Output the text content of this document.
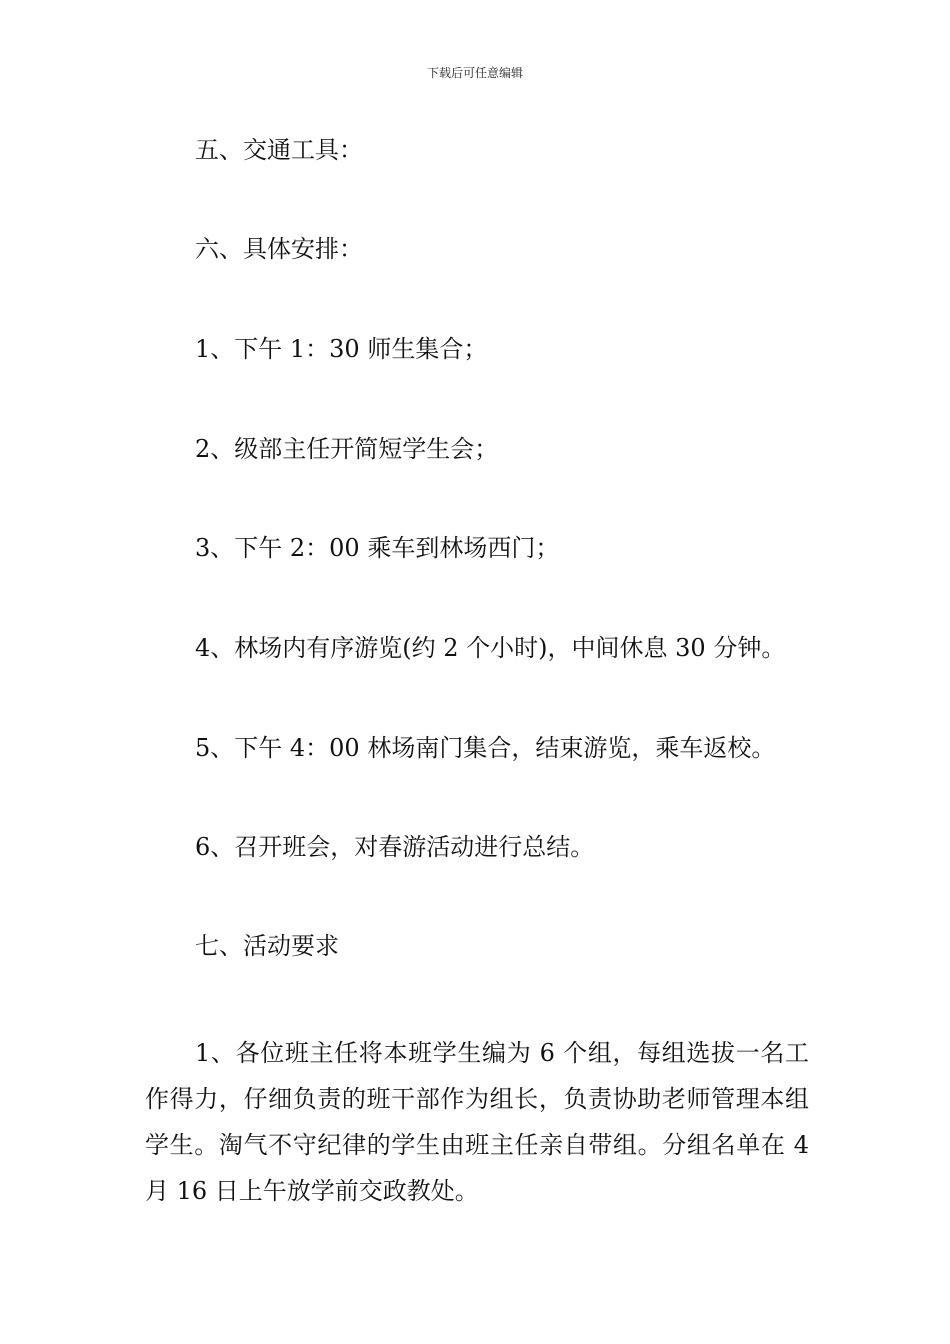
下载后可任意编辑
五、交通工具：
六、具体安排：
1、下午 1：30 师生集合；
2、级部主任开简短学生会；
3、下午 2：00 乘车到林场西门；
4、林场内有序游览(约 2 个小时)，中间休息 30 分钟。
5、下午 4：00 林场南门集合，结束游览，乘车返校。
6、召开班会，对春游活动进行总结。
七、活动要求
1、各位班主任将本班学生编为 6 个组，每组选拔一名工作得力，仔细负责的班干部作为组长，负责协助老师管理本组学生。淘气不守纪律的学生由班主任亲自带组。分组名单在 4 月 16 日上午放学前交政教处。
